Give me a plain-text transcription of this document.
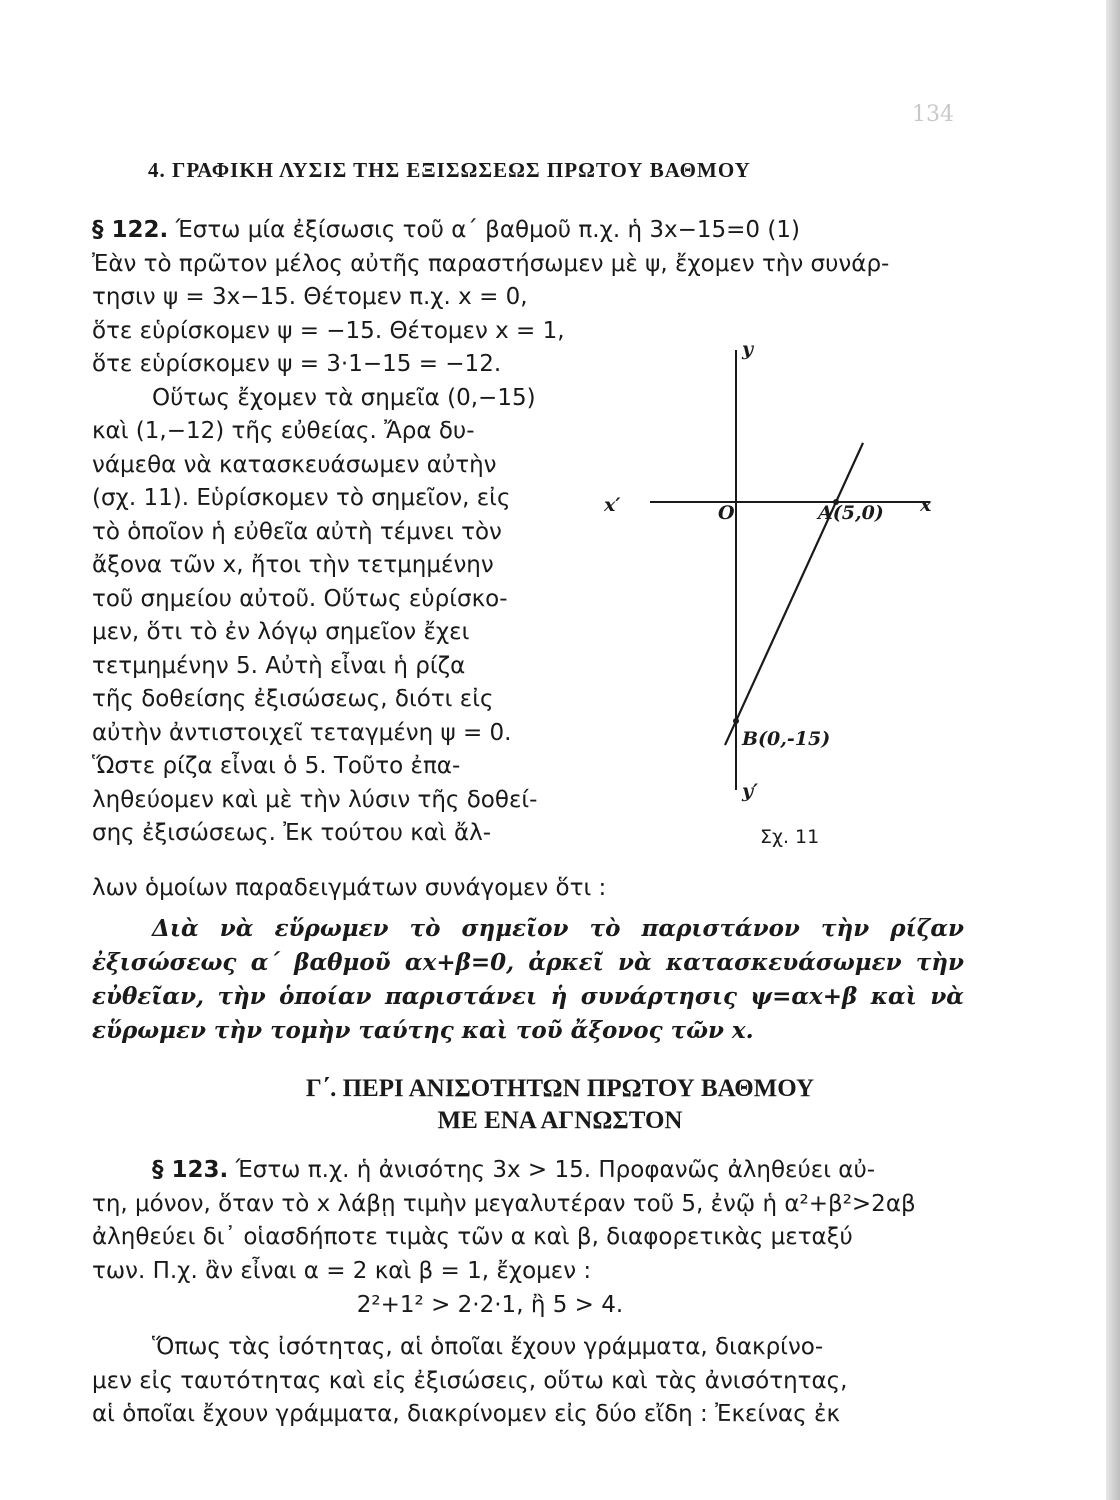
134
4. ΓΡΑΦΙΚΗ ΛΥΣΙΣ ΤΗΣ ΕΞΙΣΩΣΕΩΣ ΠΡΩΤΟΥ ΒΑΘΜΟΥ

§ 122. Έστω μία ἐξίσωσις τοῦ α΄ βαθμοῦ π.χ. ἡ 3x−15=0 (1)

Ἐὰν τὸ πρῶτον μέλος αὐτῆς παραστήσωμεν μὲ ψ, ἔχομεν τὴν συνάρ-

τησιν ψ = 3x−15. Θέτομεν π.χ. x = 0,

ὅτε εὑρίσκομεν ψ = −15. Θέτομεν x = 1,

ὅτε εὑρίσκομεν ψ = 3·1−15 = −12.

Οὕτως ἔχομεν τὰ σημεῖα (0,−15)

καὶ (1,−12) τῆς εὐθείας. Ἄρα δυ-

νάμεθα νὰ κατασκευάσωμεν αὐτὴν

(σχ. 11). Εὑρίσκομεν τὸ σημεῖον, εἰς

τὸ ὁποῖον ἡ εὐθεῖα αὐτὴ τέμνει τὸν

ἄξονα τῶν x, ἤτοι τὴν τετμημένην

τοῦ σημείου αὐτοῦ. Οὕτως εὑρίσκο-

μεν, ὅτι τὸ ἐν λόγῳ σημεῖον ἔχει

τετμημένην 5. Αὐτὴ εἶναι ἡ ρίζα

τῆς δοθείσης ἐξισώσεως, διότι εἰς

αὐτὴν ἀντιστοιχεῖ τεταγμένη ψ = 0.

Ὥστε ρίζα εἶναι ὁ 5. Τοῦτο ἐπα-

ληθεύομεν καὶ μὲ τὴν λύσιν τῆς δοθεί-

σης ἐξισώσεως. Ἐκ τούτου καὶ ἄλ-

λων ὁμοίων παραδειγμάτων συνάγομεν ὅτι :

Διὰ νὰ εὕρωμεν τὸ σημεῖον τὸ παριστάνον τὴν ρίζαν ἐξισώσεως α΄ βαθμοῦ αx+β=0, ἀρκεῖ νὰ κατασκευάσωμεν τὴν εὐθεῖαν, τὴν ὁποίαν παριστάνει ἡ συνάρτησις ψ=αx+β καὶ νὰ εὕρωμεν τὴν τομὴν ταύτης καὶ τοῦ ἄξονος τῶν x.
Γ΄. ΠΕΡΙ ΑΝΙΣΟΤΗΤΩΝ ΠΡΩΤΟΥ ΒΑΘΜΟΥ
ΜΕ ΕΝΑ ΑΓΝΩΣΤΟΝ

§ 123. Έστω π.χ. ἡ ἀνισότης 3x > 15. Προφανῶς ἀληθεύει αὐ-

τη, μόνον, ὅταν τὸ x λάβῃ τιμὴν μεγαλυτέραν τοῦ 5, ἐνῷ ἡ α²+β²>2αβ

ἀληθεύει δι᾿ οἱασδήποτε τιμὰς τῶν α καὶ β, διαφορετικὰς μεταξύ

των. Π.χ. ἂν εἶναι α = 2 καὶ β = 1, ἔχομεν :

2²+1² > 2·2·1, ἢ 5 > 4.

Ὅπως τὰς ἰσότητας, αἱ ὁποῖαι ἔχουν γράμματα, διακρίνο-

μεν εἰς ταυτότητας καὶ εἰς ἐξισώσεις, οὕτω καὶ τὰς ἀνισότητας,

αἱ ὁποῖαι ἔχουν γράμματα, διακρίνομεν εἰς δύο εἴδη : Ἐκείνας ἐκ

y
y′
x′	x
O	A(5,0)
B(0,-15)
Σχ. 11
